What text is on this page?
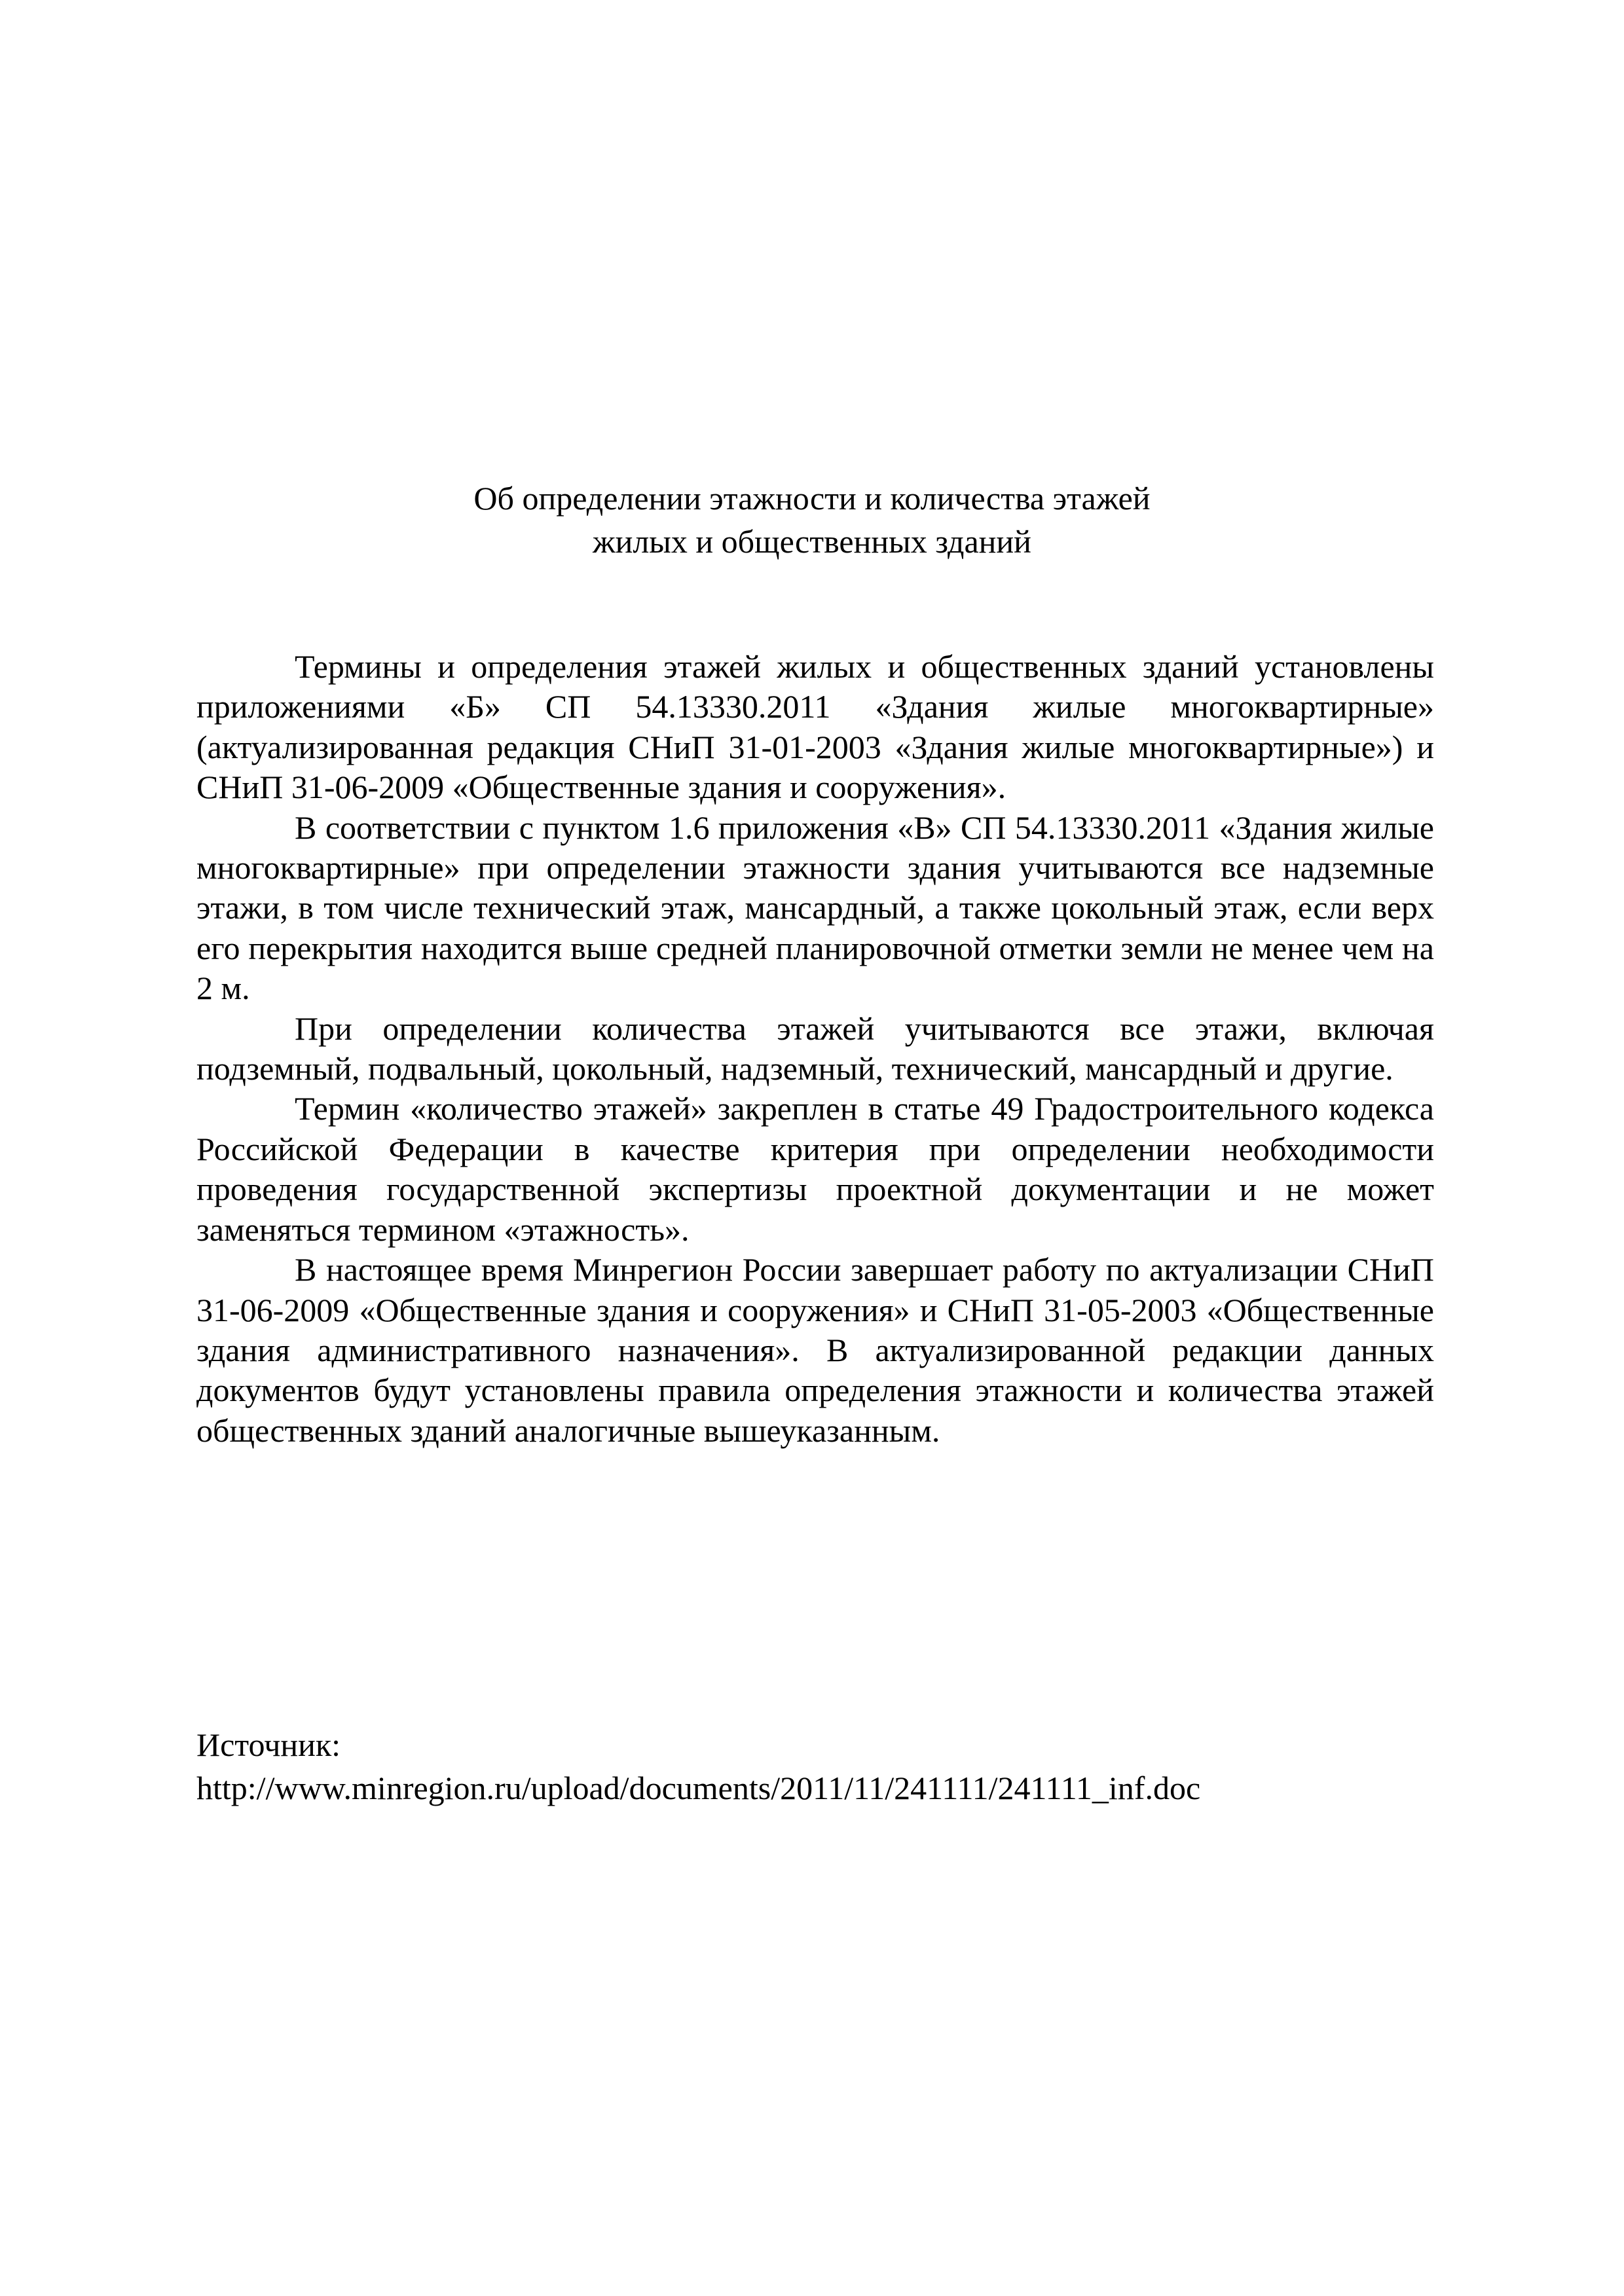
Об определении этажности и количества этажей
жилых и общественных зданий

Термины и определения этажей жилых и общественных зданий установлены приложениями «Б» СП 54.13330.2011 «Здания жилые многоквартирные» (актуализированная редакция СНиП 31-01-2003 «Здания жилые многоквартирные») и СНиП 31-06-2009 «Общественные здания и сооружения».

В соответствии с пунктом 1.6 приложения «В» СП 54.13330.2011 «Здания жилые многоквартирные» при определении этажности здания учитываются все надземные этажи, в том числе технический этаж, мансардный, а также цокольный этаж, если верх его перекрытия находится выше средней планировочной отметки земли не менее чем на 2 м.

При определении количества этажей учитываются все этажи, включая подземный, подвальный, цокольный, надземный, технический, мансардный и другие.

Термин «количество этажей» закреплен в статье 49 Градостроительного кодекса Российской Федерации в качестве критерия при определении необходимости проведения государственной экспертизы проектной документации и не может заменяться термином «этажность».

В настоящее время Минрегион России завершает работу по актуализации СНиП 31-06-2009 «Общественные здания и сооружения» и СНиП 31-05-2003 «Общественные здания административного назначения». В актуализированной редакции данных документов будут установлены правила определения этажности и количества этажей общественных зданий аналогичные вышеуказанным.

Источник:
http://www.minregion.ru/upload/documents/2011/11/241111/241111_inf.doc
